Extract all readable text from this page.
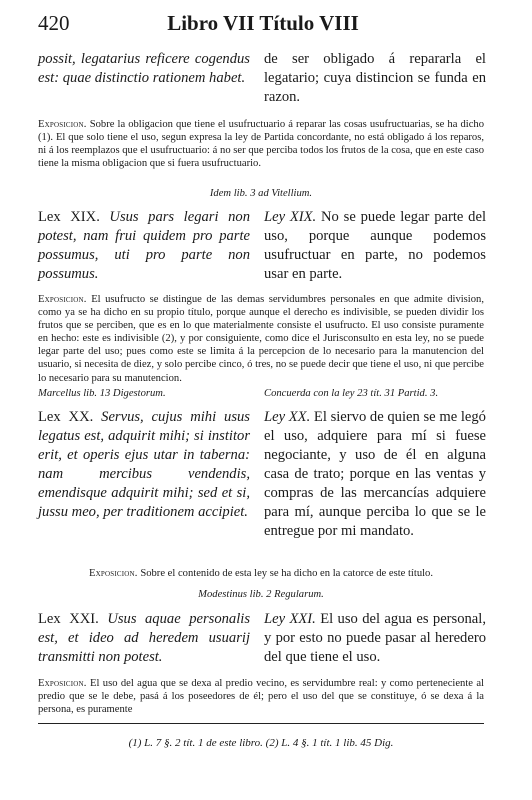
420	Libro VII Título VIII
possit, legatarius reficere cogendus est: quae distinctio rationem habet.
de ser obligado á repararla el legatario; cuya distincion se funda en razon.
Exposicion. Sobre la obligacion que tiene el usufructuario á reparar las cosas usufructuarias, se ha dicho (1). El que solo tiene el uso, segun expresa la ley de Partida concordante, no está obligado á los reparos, ni á los reemplazos que el usufructuario: á no ser que perciba todos los frutos de la cosa, que en este caso tiene la misma obligacion que si fuera usufructuario.
Idem lib. 3 ad Vitellium.
Lex XIX. Usus pars legari non potest, nam frui quidem pro parte possumus, uti pro parte non possumus.
Ley XIX. No se puede legar parte del uso, porque aunque podemos usufructuar en parte, no podemos usar en parte.
Exposicion. El usufructo se distingue de las demas servidumbres personales en que admite division, como ya se ha dicho en su propio título, porque aunque el derecho es indivisible, se pueden dividir los frutos que se perciben, que es en lo que materialmente consiste el usufructo. El uso consiste puramente en hecho: este es indivisible (2), y por consiguiente, como dice el Jurisconsulto en esta ley, no se puede legar parte del uso; pues como este se limita á la percepcion de lo necesario para la manutencion del usuario, si necesita de diez, y solo percibe cinco, ó tres, no se puede decir que tiene el uso, ni que percibe lo necesario para su manutencion.
Marcellus lib. 13 Digestorum.	Concuerda con la ley 23 tít. 31 Partid. 3.
Lex XX. Servus, cujus mihi usus legatus est, adquirit mihi; si institor erit, et operis ejus utar in taberna: nam mercibus vendendis, emendisque adquirit mihi; sed et si, jussu meo, per traditionem accipiet.
Ley XX. El siervo de quien se me legó el uso, adquiere para mí si fuese negociante, y uso de él en alguna casa de trato; porque en las ventas y compras de las mercancías adquiere para mí, aunque perciba lo que se le entregue por mi mandato.
Exposicion. Sobre el contenido de esta ley se ha dicho en la catorce de este título.
Modestinus lib. 2 Regularum.
Lex XXI. Usus aquae personalis est, et ideo ad heredem usuarij transmitti non potest.
Ley XXI. El uso del agua es personal, y por esto no puede pasar al heredero del que tiene el uso.
Exposicion. El uso del agua que se dexa al predio vecino, es servidumbre real: y como perteneciente al predio que se le debe, pasá á los poseedores de él; pero el uso del que se constituye, ó se dexa á la persona, es puramente
(1) L. 7 §. 2 tít. 1 de este libro. (2) L. 4 §. 1 tít. 1 lib. 45 Dig.
